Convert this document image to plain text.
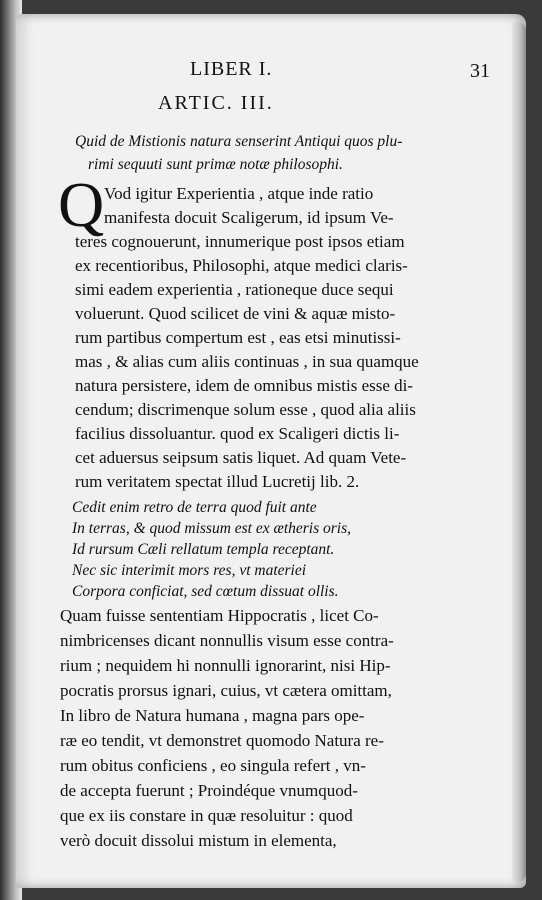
LIBER I.	31
ARTIC. III.
Quid de Mistionis natura senserint Antiqui quos plu-
rimi sequuti sunt primæ notæ philosophi.
Q Vod igitur Experientia , atque inde ratio
manifesta docuit Scaligerum, id ipsum Ve-
teres cognouerunt, innumerique post ipsos etiam
ex recentioribus, Philosophi, atque medici claris-
simi eadem experientia , rationeque duce sequi
voluerunt. Quod scilicet de vini & aquæ misto-
rum partibus compertum est , eas etsi minutissi-
mas , & alias cum aliis continuas , in sua quamque
natura persistere, idem de omnibus mistis esse di-
cendum; discrimenque solum esse , quod alia aliis
facilius dissoluantur. quod ex Scaligeri dictis li-
cet aduersus seipsum satis liquet. Ad quam Vete-
rum veritatem spectat illud Lucretij lib. 2.
Cedit enim retro de terra quod fuit ante
In terras, & quod missum est ex ætheris oris,
Id rursum Cæli rellatum templa receptant.
Nec sic interimit mors res, vt materiei
Corpora conficiat, sed cœtum dissuat ollis.
Quam fuisse sententiam Hippocratis , licet Co-
nimbricenses dicant nonnullis visum esse contra-
rium ; nequidem hi nonnulli ignorarint, nisi Hip-
pocratis prorsus ignari, cuius, vt cætera omittam,
In libro de Natura humana , magna pars ope-
ræ eo tendit, vt demonstret quomodo Natura re-
rum obitus conficiens , eo singula refert , vn-
de accepta fuerunt ; Proindéque vnumquod-
que ex iis constare in quæ resoluitur : quod
verò docuit dissolui mistum in elementa,
